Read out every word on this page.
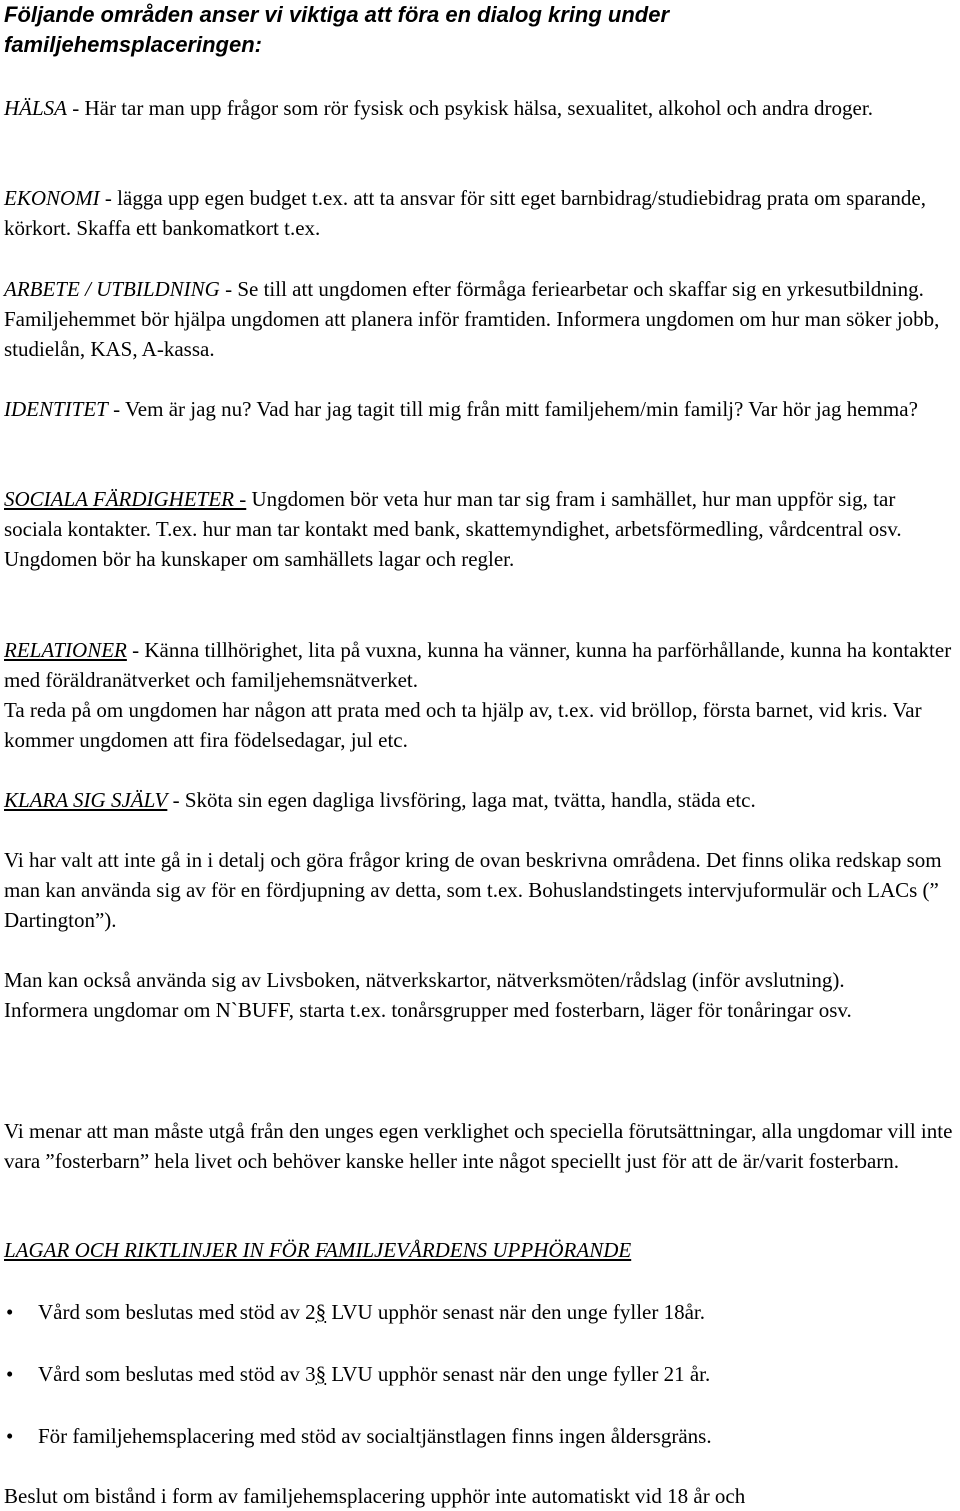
Följande områden anser vi viktiga att föra en dialog kring under
familjehemsplaceringen:
HÄLSA - Här tar man upp frågor som rör fysisk och psykisk hälsa, sexualitet, alkohol och andra droger.
EKONOMI - lägga upp egen budget t.ex. att ta ansvar för sitt eget barnbidrag/studiebidrag prata om sparande, körkort. Skaffa ett bankomatkort t.ex.
ARBETE / UTBILDNING - Se till att ungdomen efter förmåga feriearbetar och skaffar sig en yrkesutbildning. Familjehemmet bör hjälpa ungdomen att planera inför framtiden. Informera ungdomen om hur man söker jobb, studielån, KAS, A-kassa.
IDENTITET - Vem är jag nu? Vad har jag tagit till mig från mitt familjehem/min familj? Var hör jag hemma?
SOCIALA FÄRDIGHETER - Ungdomen bör veta hur man tar sig fram i samhället, hur man uppför sig, tar sociala kontakter. T.ex. hur man tar kontakt med bank, skattemyndighet, arbetsförmedling, vårdcentral osv.
Ungdomen bör ha kunskaper om samhällets lagar och regler.
RELATIONER - Känna tillhörighet, lita på vuxna, kunna ha vänner, kunna ha parförhållande, kunna ha kontakter med föräldranätverket och familjehemsnätverket.
Ta reda på om ungdomen har någon att prata med och ta hjälp av, t.ex. vid bröllop, första barnet, vid kris. Var kommer ungdomen att fira födelsedagar, jul etc.
KLARA SIG SJÄLV - Sköta sin egen dagliga livsföring, laga mat, tvätta, handla, städa etc.
Vi har valt att inte gå in i detalj och göra frågor kring de ovan beskrivna områdena. Det finns olika redskap som man kan använda sig av för en fördjupning av detta, som t.ex. Bohuslandstingets intervjuformulär och LACs (” Dartington”).
Man kan också använda sig av Livsboken, nätverkskartor, nätverksmöten/rådslag (inför avslutning).
Informera ungdomar om N`BUFF, starta t.ex. tonårsgrupper med fosterbarn, läger för tonåringar osv.
Vi menar att man måste utgå från den unges egen verklighet och speciella förutsättningar, alla ungdomar vill inte vara ”fosterbarn” hela livet och behöver kanske heller inte något speciellt just för att de är/varit fosterbarn.
LAGAR OCH RIKTLINJER IN FÖR FAMILJEVÅRDENS UPPHÖRANDE
•	Vård som beslutas med stöd av 2§ LVU upphör senast när den unge fyller 18år.
•	Vård som beslutas med stöd av 3§ LVU upphör senast när den unge fyller 21 år.
•	För familjehemsplacering med stöd av socialtjänstlagen finns ingen åldersgräns.
Beslut om bistånd i form av familjehemsplacering upphör inte automatiskt vid 18 år och
